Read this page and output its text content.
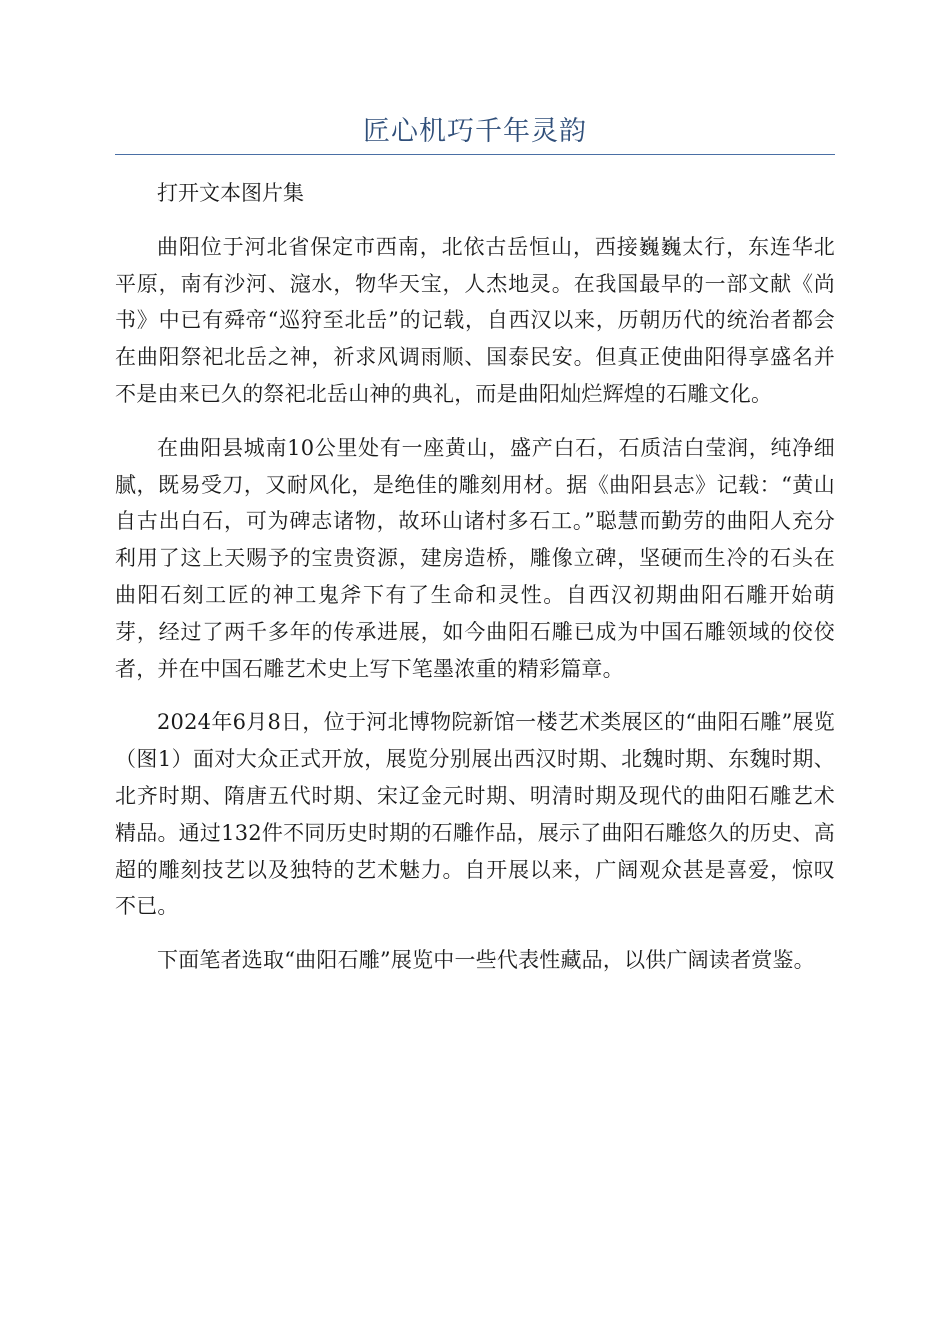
匠心机巧千年灵韵
打开文本图片集

曲阳位于河北省保定市西南，北依古岳恒山，西接巍巍太行，东连华北平原，南有沙河、滱水，物华天宝，人杰地灵。在我国最早的一部文献《尚书》中已有舜帝“巡狩至北岳”的记载，自西汉以来，历朝历代的统治者都会在曲阳祭祀北岳之神，祈求风调雨顺、国泰民安。但真正使曲阳得享盛名并不是由来已久的祭祀北岳山神的典礼，而是曲阳灿烂辉煌的石雕文化。

在曲阳县城南10公里处有一座黄山，盛产白石，石质洁白莹润，纯净细腻，既易受刀，又耐风化，是绝佳的雕刻用材。据《曲阳县志》记载：“黄山自古出白石，可为碑志诸物，故环山诸村多石工。”聪慧而勤劳的曲阳人充分利用了这上天赐予的宝贵资源，建房造桥，雕像立碑，坚硬而生冷的石头在曲阳石刻工匠的神工鬼斧下有了生命和灵性。自西汉初期曲阳石雕开始萌芽，经过了两千多年的传承进展，如今曲阳石雕已成为中国石雕领域的佼佼者，并在中国石雕艺术史上写下笔墨浓重的精彩篇章。

2024年6月8日，位于河北博物院新馆一楼艺术类展区的“曲阳石雕”展览（图1）面对大众正式开放，展览分别展出西汉时期、北魏时期、东魏时期、北齐时期、隋唐五代时期、宋辽金元时期、明清时期及现代的曲阳石雕艺术精品。通过132件不同历史时期的石雕作品，展示了曲阳石雕悠久的历史、高超的雕刻技艺以及独特的艺术魅力。自开展以来，广阔观众甚是喜爱，惊叹不已。

下面笔者选取“曲阳石雕”展览中一些代表性藏品，以供广阔读者赏鉴。
